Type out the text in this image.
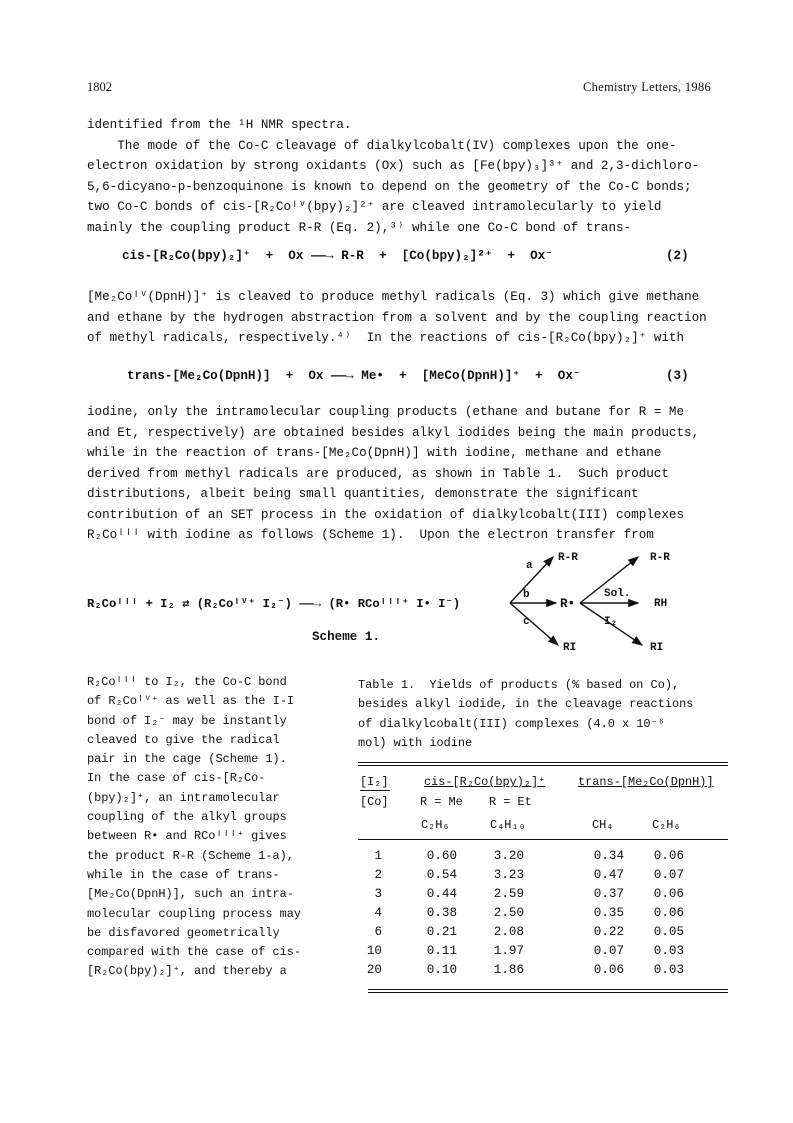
1802	Chemistry Letters, 1986
identified from the ¹H NMR spectra.
The mode of the Co-C cleavage of dialkylcobalt(IV) complexes upon the one-
electron oxidation by strong oxidants (Ox) such as [Fe(bpy)₃]³⁺ and 2,3-dichloro-
5,6-dicyano-p-benzoquinone is known to depend on the geometry of the Co-C bonds;
two Co-C bonds of cis-[R₂Coᴵⱽ(bpy)₂]²⁺ are cleaved intramolecularly to yield
mainly the coupling product R-R (Eq. 2),³⁾ while one Co-C bond of trans-
cis-[R₂Co(bpy)₂]⁺  +  Ox ——→ R-R  +  [Co(bpy)₂]²⁺  +  Ox⁻	(2)
[Me₂Coᴵⱽ(DpnH)]⁺ is cleaved to produce methyl radicals (Eq. 3) which give methane
and ethane by the hydrogen abstraction from a solvent and by the coupling reaction
of methyl radicals, respectively.⁴⁾  In the reactions of cis-[R₂Co(bpy)₂]⁺ with
trans-[Me₂Co(DpnH)]  +  Ox ——→ Me•  +  [MeCo(DpnH)]⁺  +  Ox⁻	(3)
iodine, only the intramolecular coupling products (ethane and butane for R = Me
and Et, respectively) are obtained besides alkyl iodides being the main products,
while in the reaction of trans-[Me₂Co(DpnH)] with iodine, methane and ethane
derived from methyl radicals are produced, as shown in Table 1.  Such product
distributions, albeit being small quantities, demonstrate the significant
contribution of an SET process in the oxidation of dialkylcobalt(III) complexes
R₂Coᴵᴵᴵ with iodine as follows (Scheme 1).  Upon the electron transfer from
R₂Coᴵᴵᴵ + I₂ ⇄ (R₂Coᴵⱽ⁺ I₂⁻) ——→ (R• RCoᴵᴵᴵ⁺ I• I⁻)	R•
R-R	R-R
a
b	Sol.
RH
c	I₂
RI	RI
Scheme 1.
R₂Coᴵᴵᴵ to I₂, the Co-C bond
of R₂Coᴵⱽ⁺ as well as the I-I
bond of I₂⁻ may be instantly
cleaved to give the radical
pair in the cage (Scheme 1).
In the case of cis-[R₂Co-
(bpy)₂]⁺, an intramolecular
coupling of the alkyl groups
between R• and RCoᴵᴵᴵ⁺ gives
the product R-R (Scheme 1-a),
while in the case of trans-
[Me₂Co(DpnH)], such an intra-
molecular coupling process may
be disfavored geometrically
compared with the case of cis-
[R₂Co(bpy)₂]⁺, and thereby a
Table 1.  Yields of products (% based on Co),
besides alkyl iodide, in the cleavage reactions
of dialkylcobalt(III) complexes (4.0 x 10⁻⁶
mol) with iodine
[I₂]
[Co]
cis-[R₂Co(bpy)₂]⁺	trans-[Me₂Co(DpnH)]
R = Me R = Et
C₂H₆	C₄H₁₀	CH₄	C₂H₆
1	0.60	3.20	0.34	0.06
2	0.54	3.23	0.47	0.07
3	0.44	2.59	0.37	0.06
4	0.38	2.50	0.35	0.06
6	0.21	2.08	0.22	0.05
10	0.11	1.97	0.07	0.03
20	0.10	1.86	0.06	0.03
